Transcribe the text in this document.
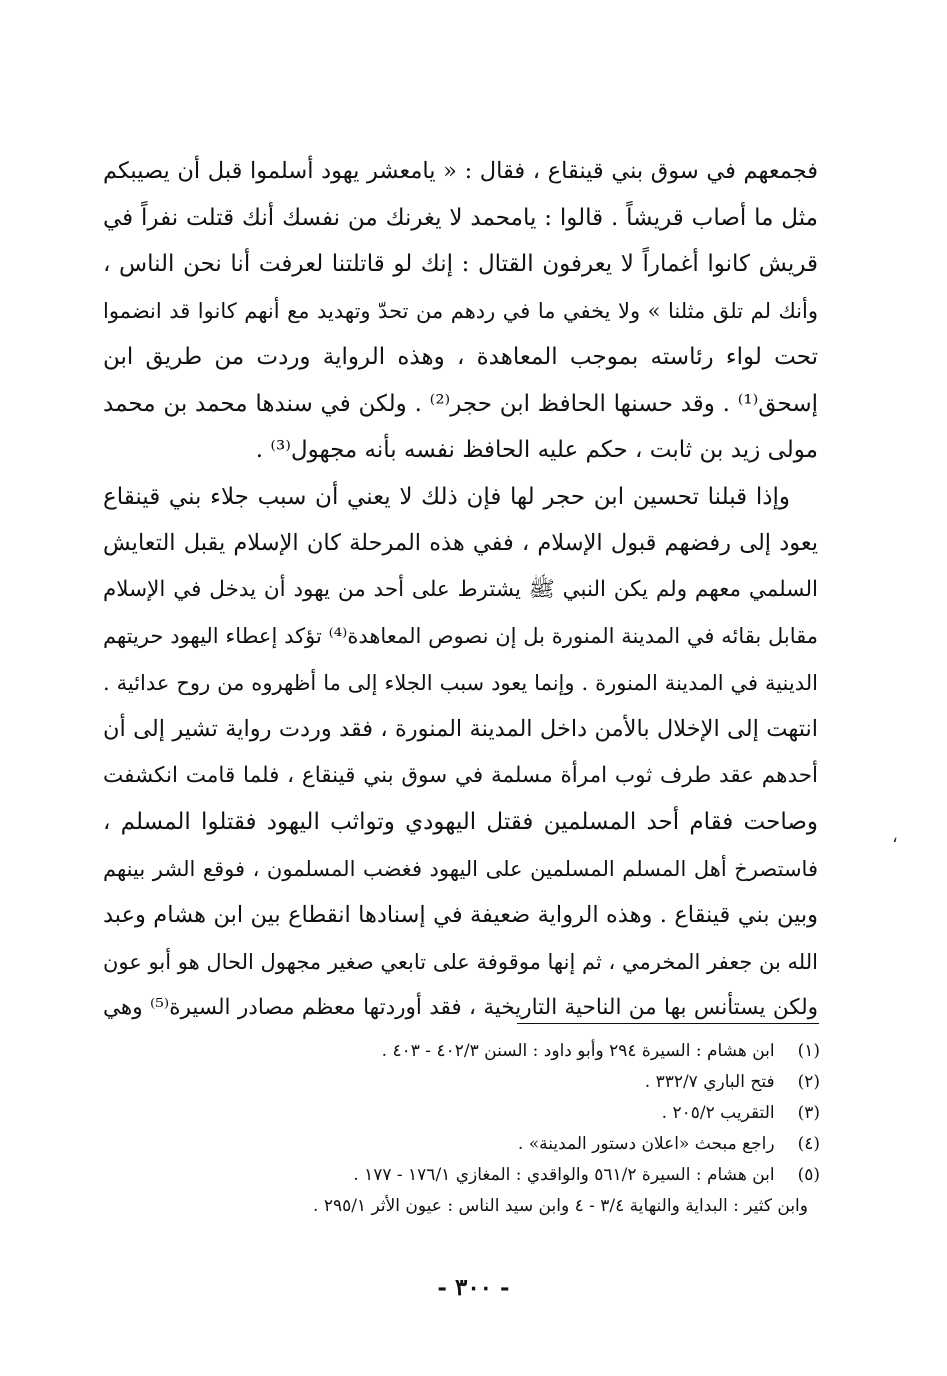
فجمعهم في سوق بني قينقاع ، فقال : « يامعشر يهود أسلموا قبل أن يصيبكم
مثل ما أصاب قريشاً . قالوا : يامحمد لا يغرنك من نفسك أنك قتلت نفراً في
قريش كانوا أغماراً لا يعرفون القتال : إنك لو قاتلتنا لعرفت أنا نحن الناس ،
وأنك لم تلق مثلنا » ولا يخفي ما في ردهم من تحدّ وتهديد مع أنهم كانوا قد انضموا
تحت لواء رئاسته بموجب المعاهدة ، وهذه الرواية وردت من طريق ابن
إسحق⁽¹⁾ . وقد حسنها الحافظ ابن حجر⁽²⁾ . ولكن في سندها محمد بن محمد
مولى زيد بن ثابت ، حكم عليه الحافظ نفسه بأنه مجهول⁽³⁾ .
وإذا قبلنا تحسين ابن حجر لها فإن ذلك لا يعني أن سبب جلاء بني قينقاع
يعود إلى رفضهم قبول الإسلام ، ففي هذه المرحلة كان الإسلام يقبل التعايش
السلمي معهم ولم يكن النبي ﷺ يشترط على أحد من يهود أن يدخل في الإسلام
مقابل بقائه في المدينة المنورة بل إن نصوص المعاهدة⁽⁴⁾ تؤكد إعطاء اليهود حريتهم
الدينية في المدينة المنورة . وإنما يعود سبب الجلاء إلى ما أظهروه من روح عدائية .
انتهت إلى الإخلال بالأمن داخل المدينة المنورة ، فقد وردت رواية تشير إلى أن
أحدهم عقد طرف ثوب امرأة مسلمة في سوق بني قينقاع ، فلما قامت انكشفت
وصاحت فقام أحد المسلمين فقتل اليهودي وتواثب اليهود فقتلوا المسلم ،
فاستصرخ أهل المسلم المسلمين على اليهود فغضب المسلمون ، فوقع الشر بينهم
وبين بني قينقاع . وهذه الرواية ضعيفة في إسنادها انقطاع بين ابن هشام وعبد
الله بن جعفر المخرمي ، ثم إنها موقوفة على تابعي صغير مجهول الحال هو أبو عون
ولكن يستأنس بها من الناحية التاريخية ، فقد أوردتها معظم مصادر السيرة⁽⁵⁾ وهي
،
(١) ابن هشام : السيرة ٢٩٤ وأبو داود : السنن ٤٠٢/٣ - ٤٠٣ .
(٢) فتح الباري ٣٣٢/٧ .
(٣) التقريب ٢٠٥/٢ .
(٤) راجع مبحث «اعلان دستور المدينة» .
(٥) ابن هشام : السيرة ٥٦١/٢ والواقدي : المغازي ١٧٦/١ - ١٧٧ .
وابن كثير : البداية والنهاية ٣/٤ - ٤ وابن سيد الناس : عيون الأثر ٢٩٥/١ .
- ٣٠٠ -
